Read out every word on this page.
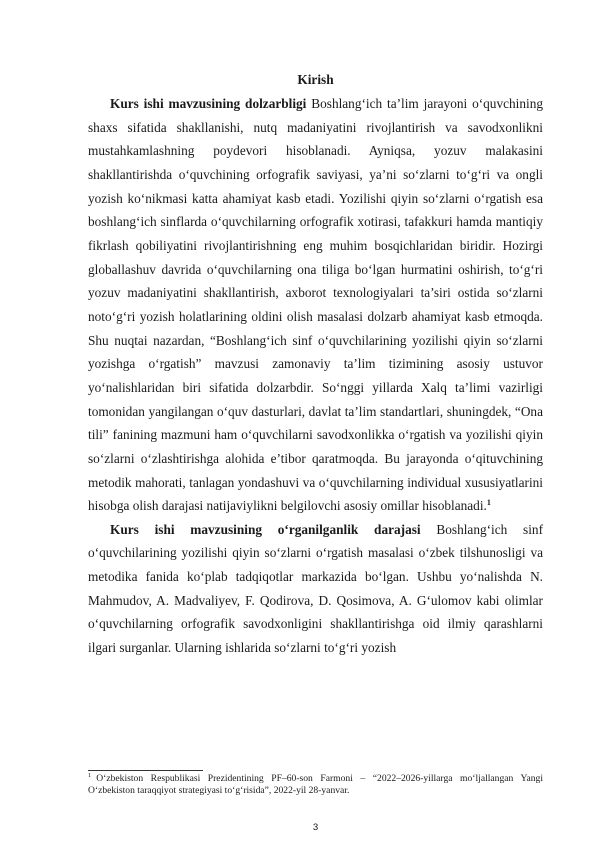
Kirish

Kurs ishi mavzusining dolzarbligi Boshlang‘ich ta’lim jarayoni o‘quvchining shaxs sifatida shakllanishi, nutq madaniyatini rivojlantirish va savodxonlikni mustahkamlashning poydevori hisoblanadi. Ayniqsa, yozuv malakasini shakllantirishda o‘quvchining orfografik saviyasi, ya’ni so‘zlarni to‘g‘ri va ongli yozish ko‘nikmasi katta ahamiyat kasb etadi. Yozilishi qiyin so‘zlarni o‘rgatish esa boshlang‘ich sinflarda o‘quvchilarning orfografik xotirasi, tafakkuri hamda mantiqiy fikrlash qobiliyatini rivojlantirishning eng muhim bosqichlaridan biridir. Hozirgi globallashuv davrida o‘quvchilarning ona tiliga bo‘lgan hurmatini oshirish, to‘g‘ri yozuv madaniyatini shakllantirish, axborot texnologiyalari ta’siri ostida so‘zlarni noto‘g‘ri yozish holatlarining oldini olish masalasi dolzarb ahamiyat kasb etmoqda. Shu nuqtai nazardan, “Boshlang‘ich sinf o‘quvchilarining yozilishi qiyin so‘zlarni yozishga o‘rgatish” mavzusi zamonaviy ta’lim tizimining asosiy ustuvor yo‘nalishlaridan biri sifatida dolzarbdir. So‘nggi yillarda Xalq ta’limi vazirligi tomonidan yangilangan o‘quv dasturlari, davlat ta’lim standartlari, shuningdek, “Ona tili” fanining mazmuni ham o‘quvchilarni savodxonlikka o‘rgatish va yozilishi qiyin so‘zlarni o‘zlashtirishga alohida e’tibor qaratmoqda. Bu jarayonda o‘qituvchining metodik mahorati, tanlagan yondashuvi va o‘quvchilarning individual xususiyatlarini hisobga olish darajasi natijaviylikni belgilovchi asosiy omillar hisoblanadi.$^1$

Kurs ishi mavzusining o‘rganilganlik darajasi Boshlang‘ich sinf o‘quvchilarining yozilishi qiyin so‘zlarni o‘rgatish masalasi o‘zbek tilshunosligi va metodika fanida ko‘plab tadqiqotlar markazida bo‘lgan. Ushbu yo‘nalishda N. Mahmudov, A. Madvaliyev, F. Qodirova, D. Qosimova, A. G‘ulomov kabi olimlar o‘quvchilarning orfografik savodxonligini shakllantirishga oid ilmiy qarashlarni ilgari surganlar. Ularning ishlarida so‘zlarni to‘g‘ri yozish

$^1$ O‘zbekiston Respublikasi Prezidentining PF–60-son Farmoni – “2022–2026-yillarga mo‘ljallangan Yangi O‘zbekiston taraqqiyot strategiyasi to‘g‘risida”, 2022-yil 28-yanvar.
3
